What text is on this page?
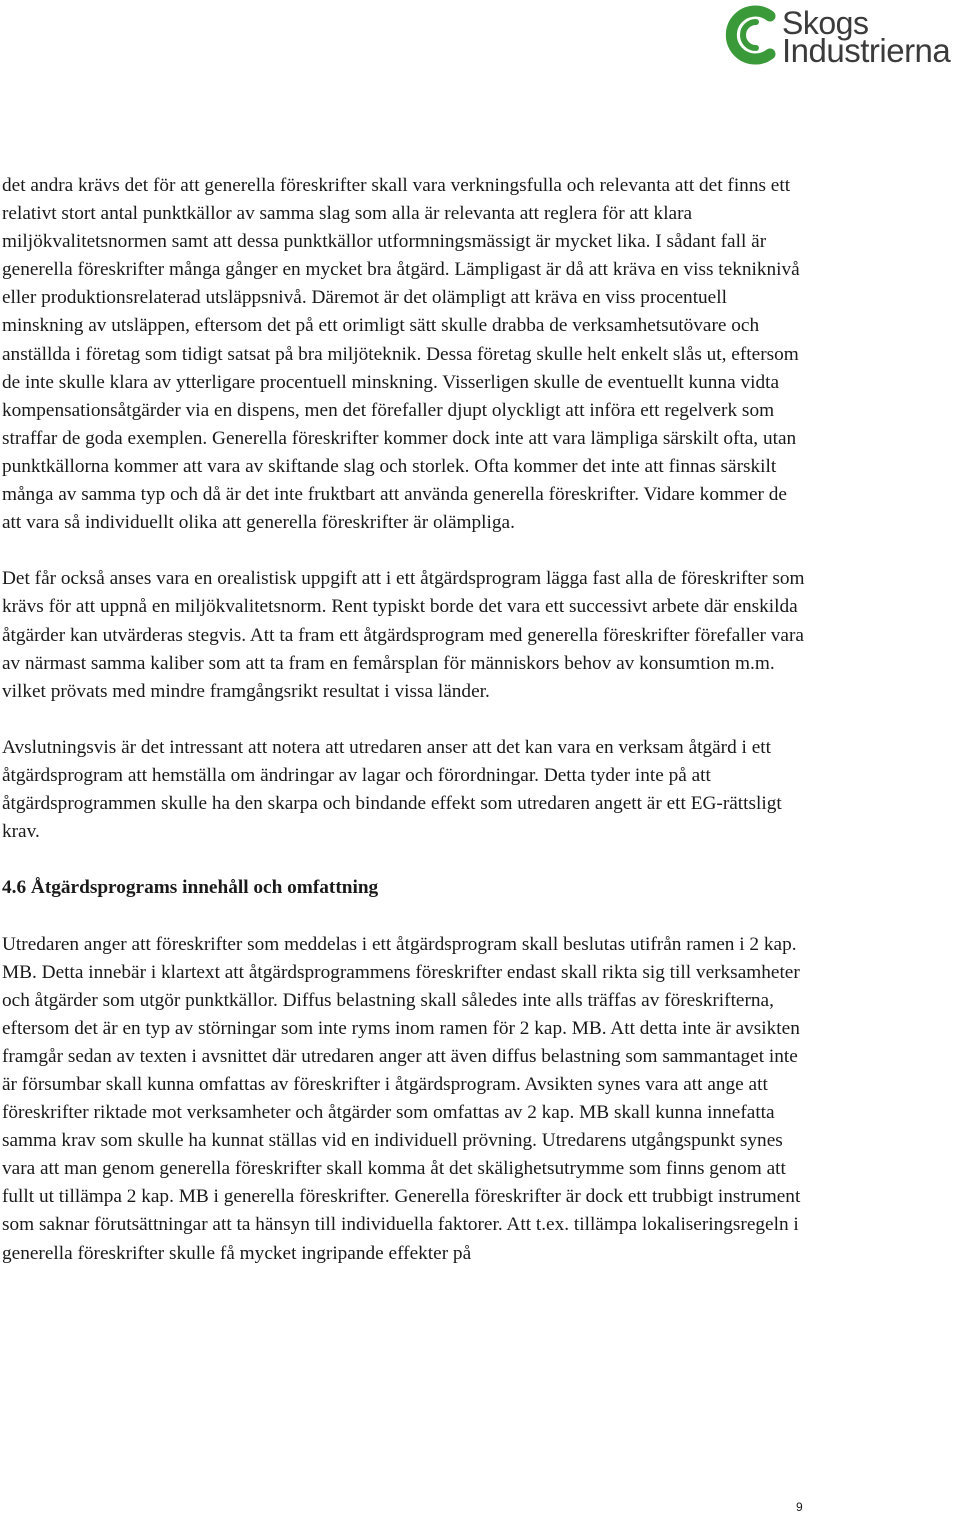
Skogs
Industrierna

det andra krävs det för att generella föreskrifter skall vara verkningsfulla och relevanta att det finns ett relativt stort antal punktkällor av samma slag som alla är relevanta att reglera för att klara miljökvalitetsnormen samt att dessa punktkällor utformningsmässigt är mycket lika. I sådant fall är generella föreskrifter många gånger en mycket bra åtgärd. Lämpligast är då att kräva en viss tekniknivå eller produktionsrelaterad utsläppsnivå. Däremot är det olämpligt att kräva en viss procentuell minskning av utsläppen, eftersom det på ett orimligt sätt skulle drabba de verksamhetsutövare och anställda i företag som tidigt satsat på bra miljöteknik. Dessa företag skulle helt enkelt slås ut, eftersom de inte skulle klara av ytterligare procentuell minskning. Visserligen skulle de eventuellt kunna vidta kompensationsåtgärder via en dispens, men det förefaller djupt olyckligt att införa ett regelverk som straffar de goda exemplen. Generella föreskrifter kommer dock inte att vara lämpliga särskilt ofta, utan punktkällorna kommer att vara av skiftande slag och storlek. Ofta kommer det inte att finnas särskilt många av samma typ och då är det inte fruktbart att använda generella föreskrifter. Vidare kommer de att vara så individuellt olika att generella föreskrifter är olämpliga.

Det får också anses vara en orealistisk uppgift att i ett åtgärdsprogram lägga fast alla de föreskrifter som krävs för att uppnå en miljökvalitetsnorm. Rent typiskt borde det vara ett successivt arbete där enskilda åtgärder kan utvärderas stegvis. Att ta fram ett åtgärdsprogram med generella föreskrifter förefaller vara av närmast samma kaliber som att ta fram en femårsplan för människors behov av konsumtion m.m. vilket prövats med mindre framgångsrikt resultat i vissa länder.

Avslutningsvis är det intressant att notera att utredaren anser att det kan vara en verksam åtgärd i ett åtgärdsprogram att hemställa om ändringar av lagar och förordningar. Detta tyder inte på att åtgärdsprogrammen skulle ha den skarpa och bindande effekt som utredaren angett är ett EG-rättsligt krav.

4.6 Åtgärdsprograms innehåll och omfattning

Utredaren anger att föreskrifter som meddelas i ett åtgärdsprogram skall beslutas utifrån ramen i 2 kap. MB. Detta innebär i klartext att åtgärdsprogrammens föreskrifter endast skall rikta sig till verksamheter och åtgärder som utgör punktkällor. Diffus belastning skall således inte alls träffas av föreskrifterna, eftersom det är en typ av störningar som inte ryms inom ramen för 2 kap. MB. Att detta inte är avsikten framgår sedan av texten i avsnittet där utredaren anger att även diffus belastning som sammantaget inte är försumbar skall kunna omfattas av föreskrifter i åtgärdsprogram. Avsikten synes vara att ange att föreskrifter riktade mot verksamheter och åtgärder som omfattas av 2 kap. MB skall kunna innefatta samma krav som skulle ha kunnat ställas vid en individuell prövning. Utredarens utgångspunkt synes vara att man genom generella föreskrifter skall komma åt det skälighetsutrymme som finns genom att fullt ut tillämpa 2 kap. MB i generella föreskrifter. Generella föreskrifter är dock ett trubbigt instrument som saknar förutsättningar att ta hänsyn till individuella faktorer. Att t.ex. tillämpa lokaliseringsregeln i generella föreskrifter skulle få mycket ingripande effekter på

9
